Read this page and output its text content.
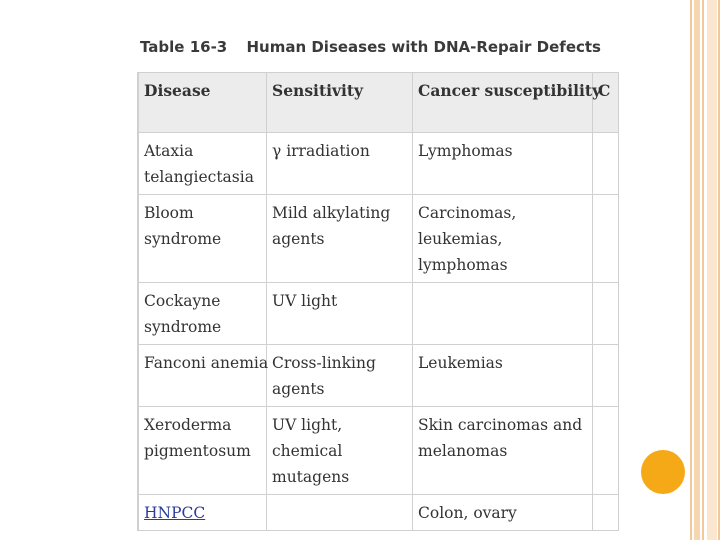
Table 16-3 Human Diseases with DNA-Repair Defects
Disease	Sensitivity	Cancer susceptibility	C
Ataxia telangiectasia	γ irradiation	Lymphomas	
Bloom syndrome	Mild alkylating agents	Carcinomas, leukemias, lymphomas	
Cockayne syndrome	UV light		
Fanconi anemia	Cross-linking agents	Leukemias	
Xeroderma pigmentosum	UV light, chemical mutagens	Skin carcinomas and melanomas	
HNPCC		Colon, ovary	
